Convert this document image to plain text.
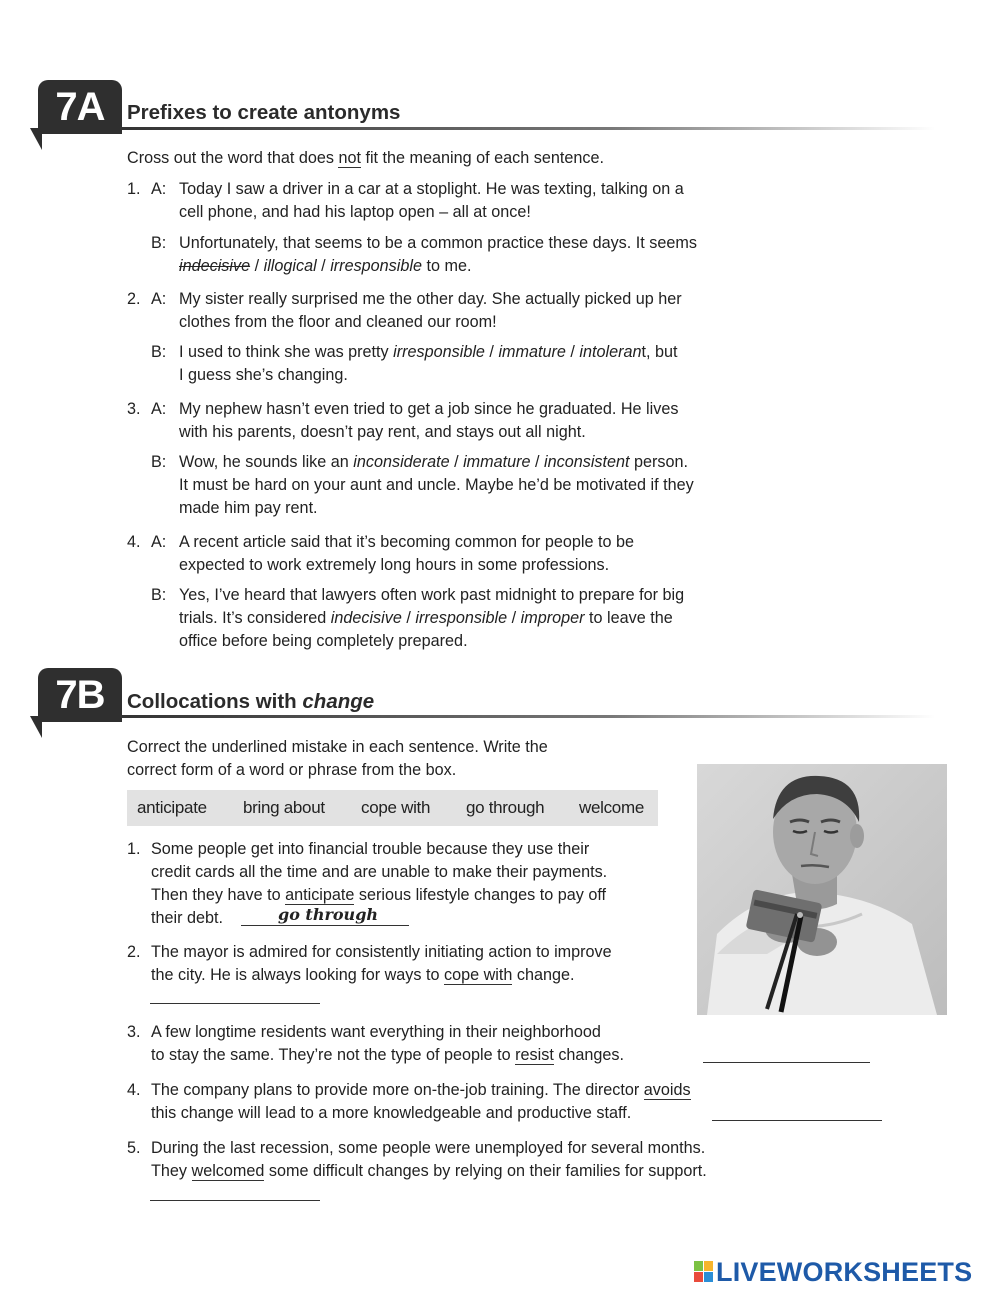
7A	Prefixes to create antonyms
Cross out the word that does not fit the meaning of each sentence.
1. A: Today I saw a driver in a car at a stoplight. He was texting, talking on a
cell phone, and had his laptop open – all at once!
B: Unfortunately, that seems to be a common practice these days. It seems
indecisive / illogical / irresponsible to me.
2. A: My sister really surprised me the other day. She actually picked up her
clothes from the floor and cleaned our room!
B: I used to think she was pretty irresponsible / immature / intolerant, but
I guess she’s changing.
3. A: My nephew hasn’t even tried to get a job since he graduated. He lives
with his parents, doesn’t pay rent, and stays out all night.
B: Wow, he sounds like an inconsiderate / immature / inconsistent person.
It must be hard on your aunt and uncle. Maybe he’d be motivated if they
made him pay rent.
4. A: A recent article said that it’s becoming common for people to be
expected to work extremely long hours in some professions.
B: Yes, I’ve heard that lawyers often work past midnight to prepare for big
trials. It’s considered indecisive / irresponsible / improper to leave the
office before being completely prepared.
7B	Collocations with change
Correct the underlined mistake in each sentence. Write the
correct form of a word or phrase from the box.
anticipate bring about cope with go through welcome
1. Some people get into financial trouble because they use their
credit cards all the time and are unable to make their payments.
Then they have to anticipate serious lifestyle changes to pay off
their debt.	go through
2. The mayor is admired for consistently initiating action to improve
the city. He is always looking for ways to cope with change.
3. A few longtime residents want everything in their neighborhood
to stay the same. They’re not the type of people to resist changes.
4. The company plans to provide more on-the-job training. The director avoids
this change will lead to a more knowledgeable and productive staff.
5. During the last recession, some people were unemployed for several months.
They welcomed some difficult changes by relying on their families for support.
LIVEWORKSHEETS
